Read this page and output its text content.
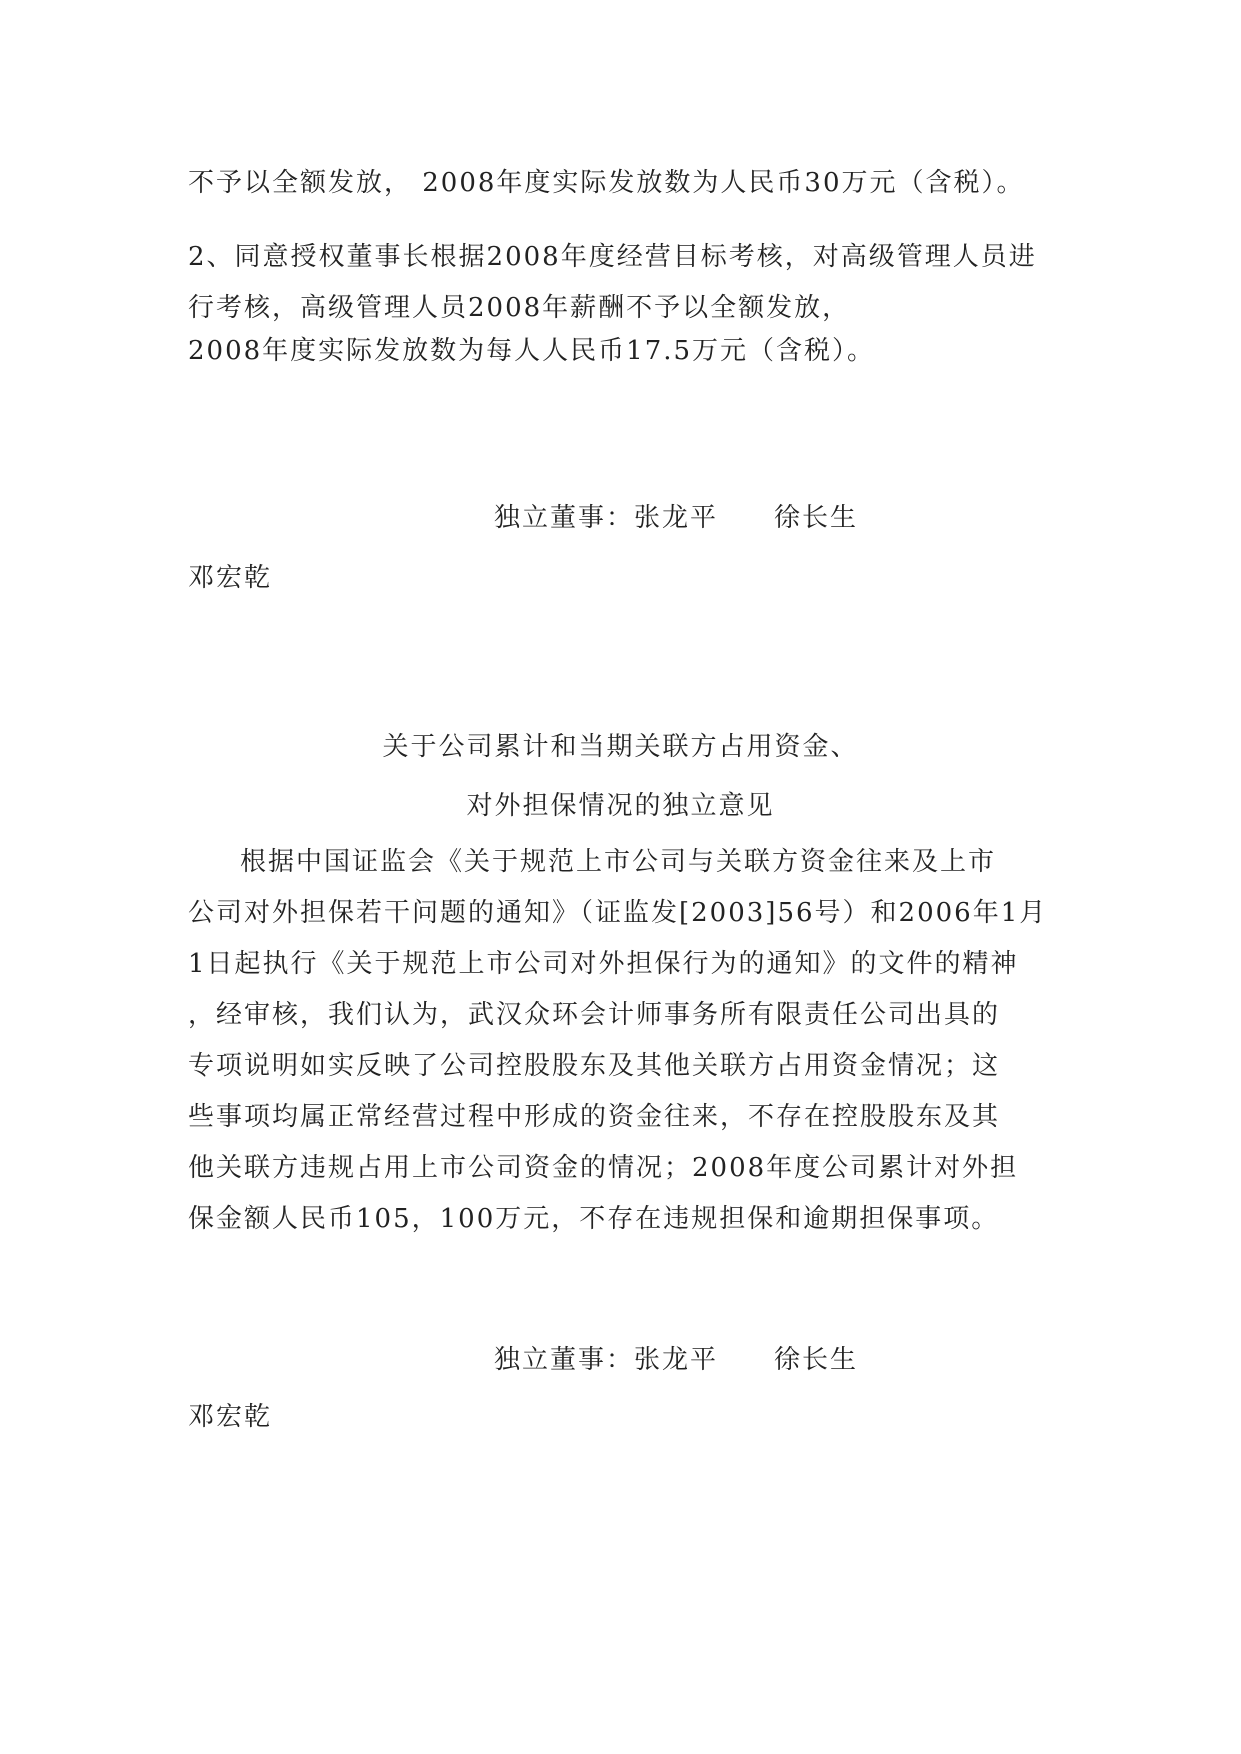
不予以全额发放， 2008年度实际发放数为人民币30万元（含税）。
2、同意授权董事长根据2008年度经营目标考核，对高级管理人员进
行考核，高级管理人员2008年薪酬不予以全额发放，
2008年度实际发放数为每人人民币17.5万元（含税）。
独立董事：张龙平　　徐长生
邓宏乾
关于公司累计和当期关联方占用资金、
对外担保情况的独立意见
根据中国证监会《关于规范上市公司与关联方资金往来及上市
公司对外担保若干问题的通知》（证监发[2003]56号）和2006年1月
1日起执行《关于规范上市公司对外担保行为的通知》的文件的精神
，经审核，我们认为，武汉众环会计师事务所有限责任公司出具的
专项说明如实反映了公司控股股东及其他关联方占用资金情况；这
些事项均属正常经营过程中形成的资金往来，不存在控股股东及其
他关联方违规占用上市公司资金的情况；2008年度公司累计对外担
保金额人民币105，100万元，不存在违规担保和逾期担保事项。
独立董事：张龙平　　徐长生
邓宏乾
